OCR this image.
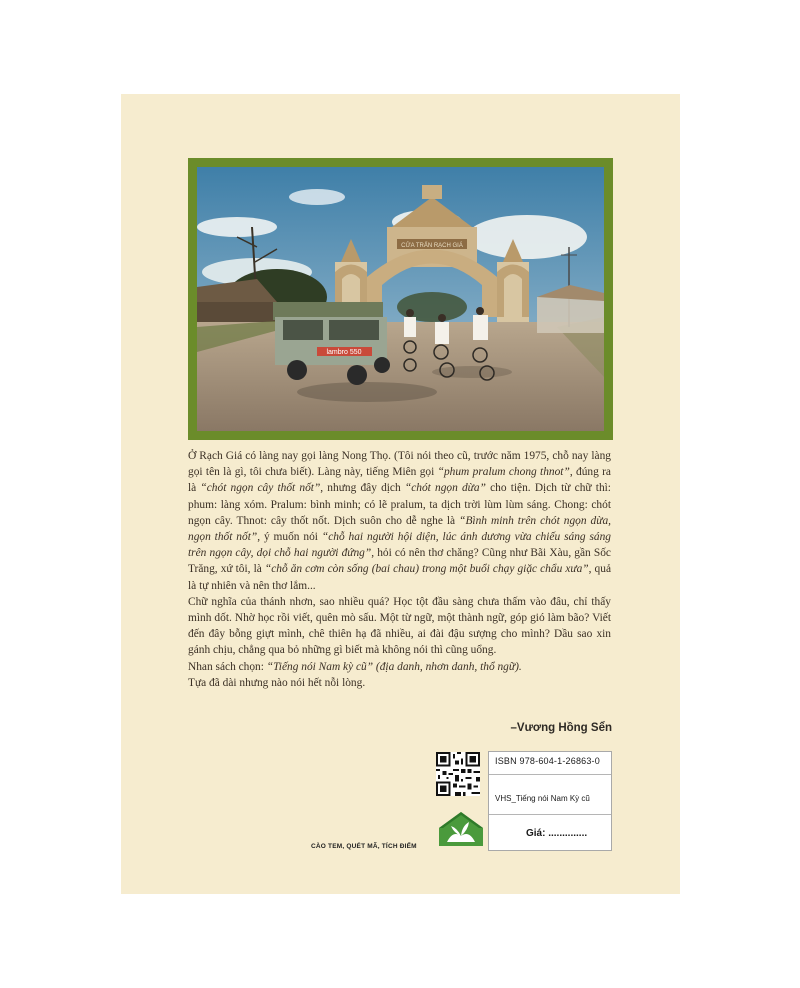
CỬA TRẤN RẠCH GIÁ
lambro 550

Ở Rạch Giá có làng nay gọi làng Nong Thọ. (Tôi nói theo cũ, trước năm 1975, chỗ nay làng gọi tên là gì, tôi chưa biết). Làng này, tiếng Miên gọi “phum pralum chong thnot”, đúng ra là “chót ngọn cây thốt nốt”, nhưng đây dịch “chót ngọn dừa” cho tiện. Dịch từ chữ thì: phum: làng xóm. Pralum: bình minh; có lẽ pralum, ta dịch trời lùm lùm sáng. Chong: chót ngọn cây. Thnot: cây thốt nốt. Dịch suôn cho dễ nghe là “Bình minh trên chót ngọn dừa, ngọn thốt nốt”, ý muốn nói “chỗ hai người hội diện, lúc ánh dương vừa chiếu sáng sáng trên ngọn cây, dọi chỗ hai người đứng”, hỏi có nên thơ chăng? Cũng như Bãi Xàu, gần Sốc Trăng, xứ tôi, là “chỗ ăn cơm còn sống (bai chau) trong một buổi chạy giặc chẩu xưa”, quả là tự nhiên và nên thơ lắm...

Chữ nghĩa của thánh nhơn, sao nhiều quá? Học tột đầu sàng chưa thấm vào đâu, chỉ thấy mình dốt. Nhờ học rồi viết, quên mò sấu. Một từ ngữ, một thành ngữ, góp gió làm bão? Viết đến đây bỗng giựt mình, chê thiên hạ đã nhiều, ai đài đậu sượng cho mình? Dầu sao xin gánh chịu, chẳng qua bỏ những gì biết mà không nói thì cũng uổng.

Nhan sách chọn: “Tiếng nói Nam kỳ cũ” (địa danh, nhơn danh, thổ ngữ).

Tựa đã dài nhưng nào nói hết nỗi lòng.

–Vương Hồng Sển
CÀO TEM, QUÉT MÃ, TÍCH ĐIỂM
ISBN 978-604-1-26863-0
VHS_Tiếng nói Nam Kỳ cũ
Giá: ..............
